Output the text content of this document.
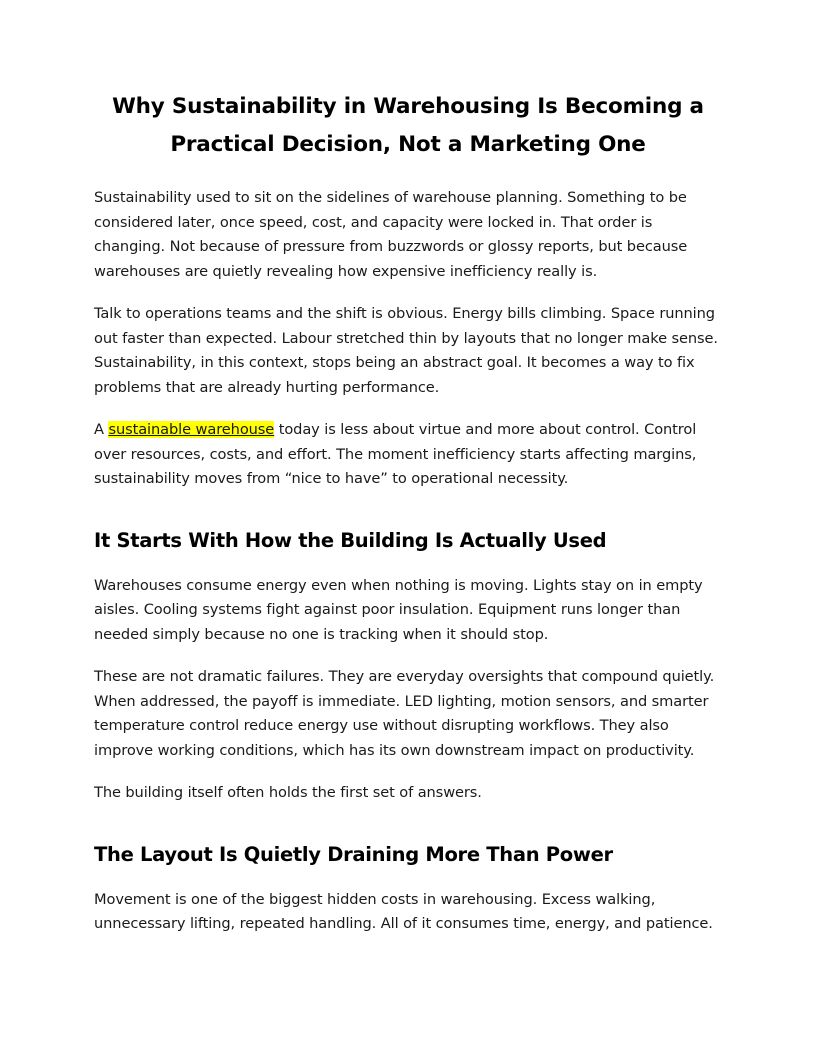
Why Sustainability in Warehousing Is Becoming a
Practical Decision, Not a Marketing One

Sustainability used to sit on the sidelines of warehouse planning. Something to be considered later, once speed, cost, and capacity were locked in. That order is changing. Not because of pressure from buzzwords or glossy reports, but because warehouses are quietly revealing how expensive inefficiency really is.

Talk to operations teams and the shift is obvious. Energy bills climbing. Space running out faster than expected. Labour stretched thin by layouts that no longer make sense. Sustainability, in this context, stops being an abstract goal. It becomes a way to fix problems that are already hurting performance.

A sustainable warehouse today is less about virtue and more about control. Control over resources, costs, and effort. The moment inefficiency starts affecting margins, sustainability moves from “nice to have” to operational necessity.

It Starts With How the Building Is Actually Used

Warehouses consume energy even when nothing is moving. Lights stay on in empty aisles. Cooling systems fight against poor insulation. Equipment runs longer than needed simply because no one is tracking when it should stop.

These are not dramatic failures. They are everyday oversights that compound quietly. When addressed, the payoff is immediate. LED lighting, motion sensors, and smarter temperature control reduce energy use without disrupting workflows. They also improve working conditions, which has its own downstream impact on productivity.

The building itself often holds the first set of answers.

The Layout Is Quietly Draining More Than Power

Movement is one of the biggest hidden costs in warehousing. Excess walking, unnecessary lifting, repeated handling. All of it consumes time, energy, and patience.
